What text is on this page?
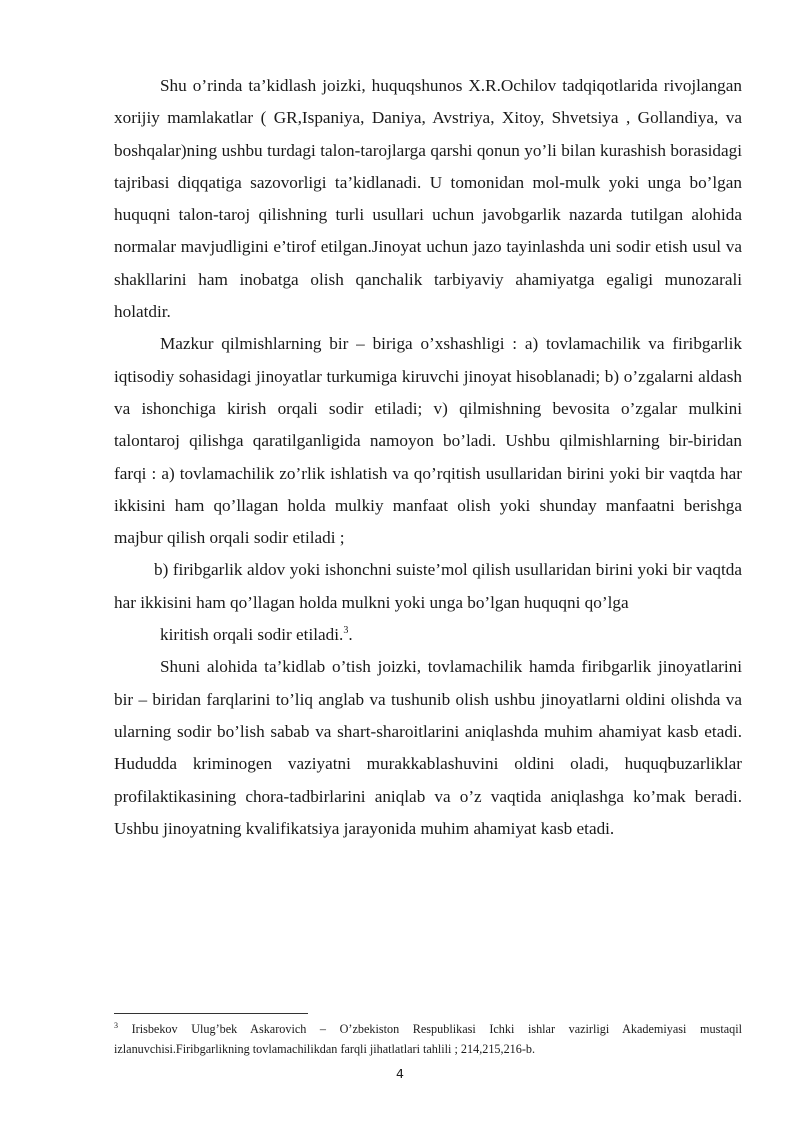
Shu o’rinda ta’kidlash joizki, huquqshunos X.R.Ochilov tadqiqotlarida rivojlangan xorijiy mamlakatlar ( GR,Ispaniya, Daniya, Avstriya, Xitoy, Shvetsiya , Gollandiya, va boshqalar)ning ushbu turdagi talon-tarojlarga qarshi qonun yo’li bilan kurashish borasidagi tajribasi diqqatiga sazovorligi ta’kidlanadi. U tomonidan mol-mulk yoki unga bo’lgan huquqni talon-taroj qilishning turli usullari uchun javobgarlik nazarda tutilgan alohida normalar mavjudligini e’tirof etilgan.Jinoyat uchun jazo tayinlashda uni sodir etish usul va shakllarini ham inobatga olish qanchalik tarbiyaviy ahamiyatga egaligi munozarali holatdir.

Mazkur qilmishlarning bir – biriga o’xshashligi : a) tovlamachilik va firibgarlik iqtisodiy sohasidagi jinoyatlar turkumiga kiruvchi jinoyat hisoblanadi; b) o’zgalarni aldash va ishonchiga kirish orqali sodir etiladi; v) qilmishning bevosita o’zgalar mulkini talontaroj qilishga qaratilganligida namoyon bo’ladi. Ushbu qilmishlarning bir-biridan farqi : a) tovlamachilik zo’rlik ishlatish va qo’rqitish usullaridan birini yoki bir vaqtda har ikkisini ham qo’llagan holda mulkiy manfaat olish yoki shunday manfaatni berishga majbur qilish orqali sodir etiladi ;

b) firibgarlik aldov yoki ishonchni suiste’mol qilish usullaridan birini yoki bir vaqtda har ikkisini ham qo’llagan holda mulkni yoki unga bo’lgan huquqni qo’lga

kiritish orqali sodir etiladi.$^3$.

Shuni alohida ta’kidlab o’tish joizki, tovlamachilik hamda firibgarlik jinoyatlarini bir – biridan farqlarini to’liq anglab va tushunib olish ushbu jinoyatlarni oldini olishda va ularning sodir bo’lish sabab va shart-sharoitlarini aniqlashda muhim ahamiyat kasb etadi. Hududda kriminogen vaziyatni murakkablashuvini oldini oladi, huquqbuzarliklar profilaktikasining chora-tadbirlarini aniqlab va o’z vaqtida aniqlashga ko’mak beradi. Ushbu jinoyatning kvalifikatsiya jarayonida muhim ahamiyat kasb etadi.

$^3$ Irisbekov Ulug’bek Askarovich – O’zbekiston Respublikasi Ichki ishlar vazirligi Akademiyasi mustaqil izlanuvchisi.Firibgarlikning tovlamachilikdan farqli jihatlatlari tahlili ; 214,215,216-b.

4
